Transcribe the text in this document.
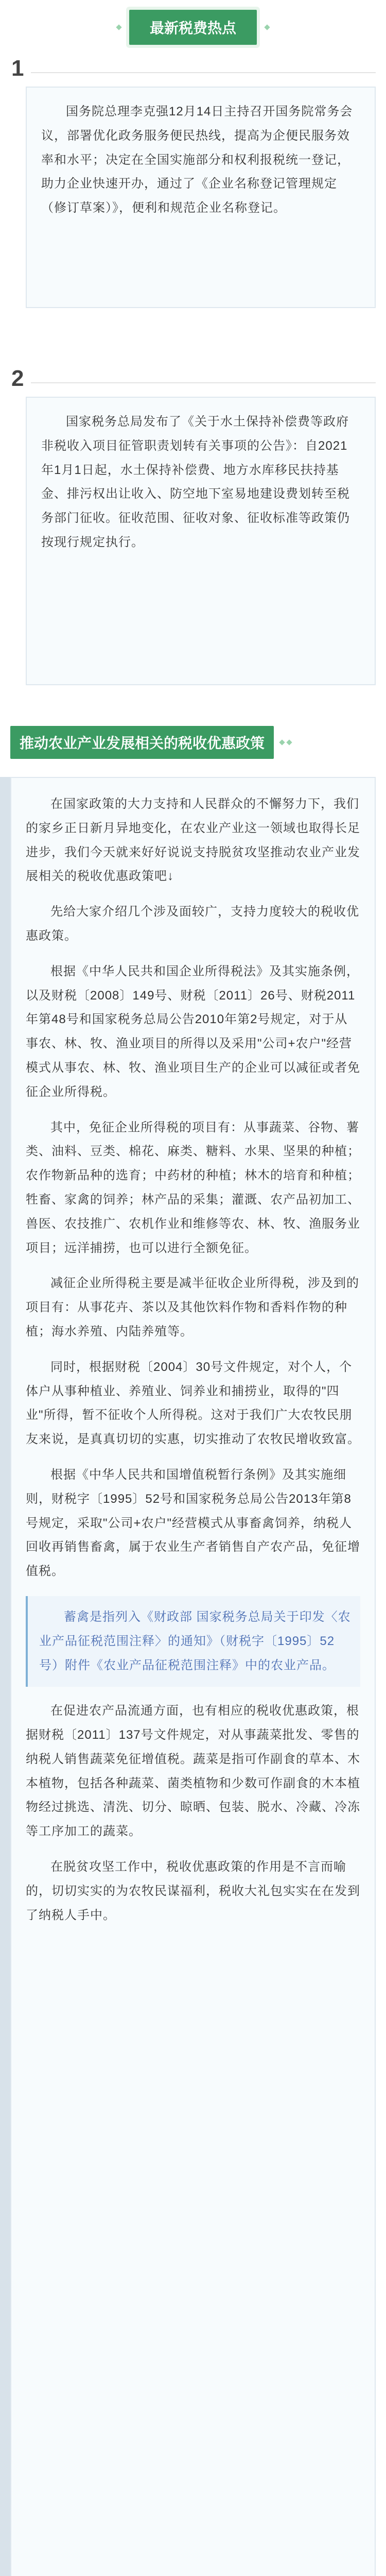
最新税费热点
1

国务院总理李克强12月14日主持召开国务院常务会议，部署优化政务服务便民热线，提高为企便民服务效率和水平；决定在全国实施部分和权利报税统一登记，助力企业快速开办，通过了《企业名称登记管理规定（修订草案）》，便利和规范企业名称登记。

2

国家税务总局发布了《关于水土保持补偿费等政府非税收入项目征管职责划转有关事项的公告》：自2021年1月1日起，水土保持补偿费、地方水库移民扶持基金、排污权出让收入、防空地下室易地建设费划转至税务部门征收。征收范围、征收对象、征收标准等政策仍按现行规定执行。

推动农业产业发展相关的税收优惠政策

在国家政策的大力支持和人民群众的不懈努力下，我们的家乡正日新月异地变化，在农业产业这一领域也取得长足进步，我们今天就来好好说说支持脱贫攻坚推动农业产业发展相关的税收优惠政策吧↓

先给大家介绍几个涉及面较广，支持力度较大的税收优惠政策。

根据《中华人民共和国企业所得税法》及其实施条例，以及财税〔2008〕149号、财税〔2011〕26号、财税2011年第48号和国家税务总局公告2010年第2号规定，对于从事农、林、牧、渔业项目的所得以及采用"公司+农户"经营模式从事农、林、牧、渔业项目生产的企业可以减征或者免征企业所得税。

其中，免征企业所得税的项目有：从事蔬菜、谷物、薯类、油料、豆类、棉花、麻类、糖料、水果、坚果的种植；农作物新品种的选育；中药材的种植；林木的培育和种植；牲畜、家禽的饲养；林产品的采集；灌溉、农产品初加工、兽医、农技推广、农机作业和维修等农、林、牧、渔服务业项目；远洋捕捞，也可以进行全额免征。

减征企业所得税主要是减半征收企业所得税，涉及到的项目有：从事花卉、茶以及其他饮料作物和香料作物的种植；海水养殖、内陆养殖等。

同时，根据财税〔2004〕30号文件规定，对个人，个体户从事种植业、养殖业、饲养业和捕捞业，取得的"四业"所得，暂不征收个人所得税。这对于我们广大农牧民朋友来说，是真真切切的实惠，切实推动了农牧民增收致富。

根据《中华人民共和国增值税暂行条例》及其实施细则，财税字〔1995〕52号和国家税务总局公告2013年第8号规定，采取"公司+农户"经营模式从事畜禽饲养，纳税人回收再销售畜禽，属于农业生产者销售自产农产品，免征增值税。

蓄禽是指列入《财政部 国家税务总局关于印发〈农业产品征税范围注释〉的通知》（财税字〔1995〕52号）附件《农业产品征税范围注释》中的农业产品。

在促进农产品流通方面，也有相应的税收优惠政策，根据财税〔2011〕137号文件规定，对从事蔬菜批发、零售的纳税人销售蔬菜免征增值税。蔬菜是指可作副食的草本、木本植物，包括各种蔬菜、菌类植物和少数可作副食的木本植物经过挑选、清洗、切分、晾晒、包装、脱水、冷藏、冷冻等工序加工的蔬菜。

在脱贫攻坚工作中，税收优惠政策的作用是不言而喻的，切切实实的为农牧民谋福利，税收大礼包实实在在发到了纳税人手中。
